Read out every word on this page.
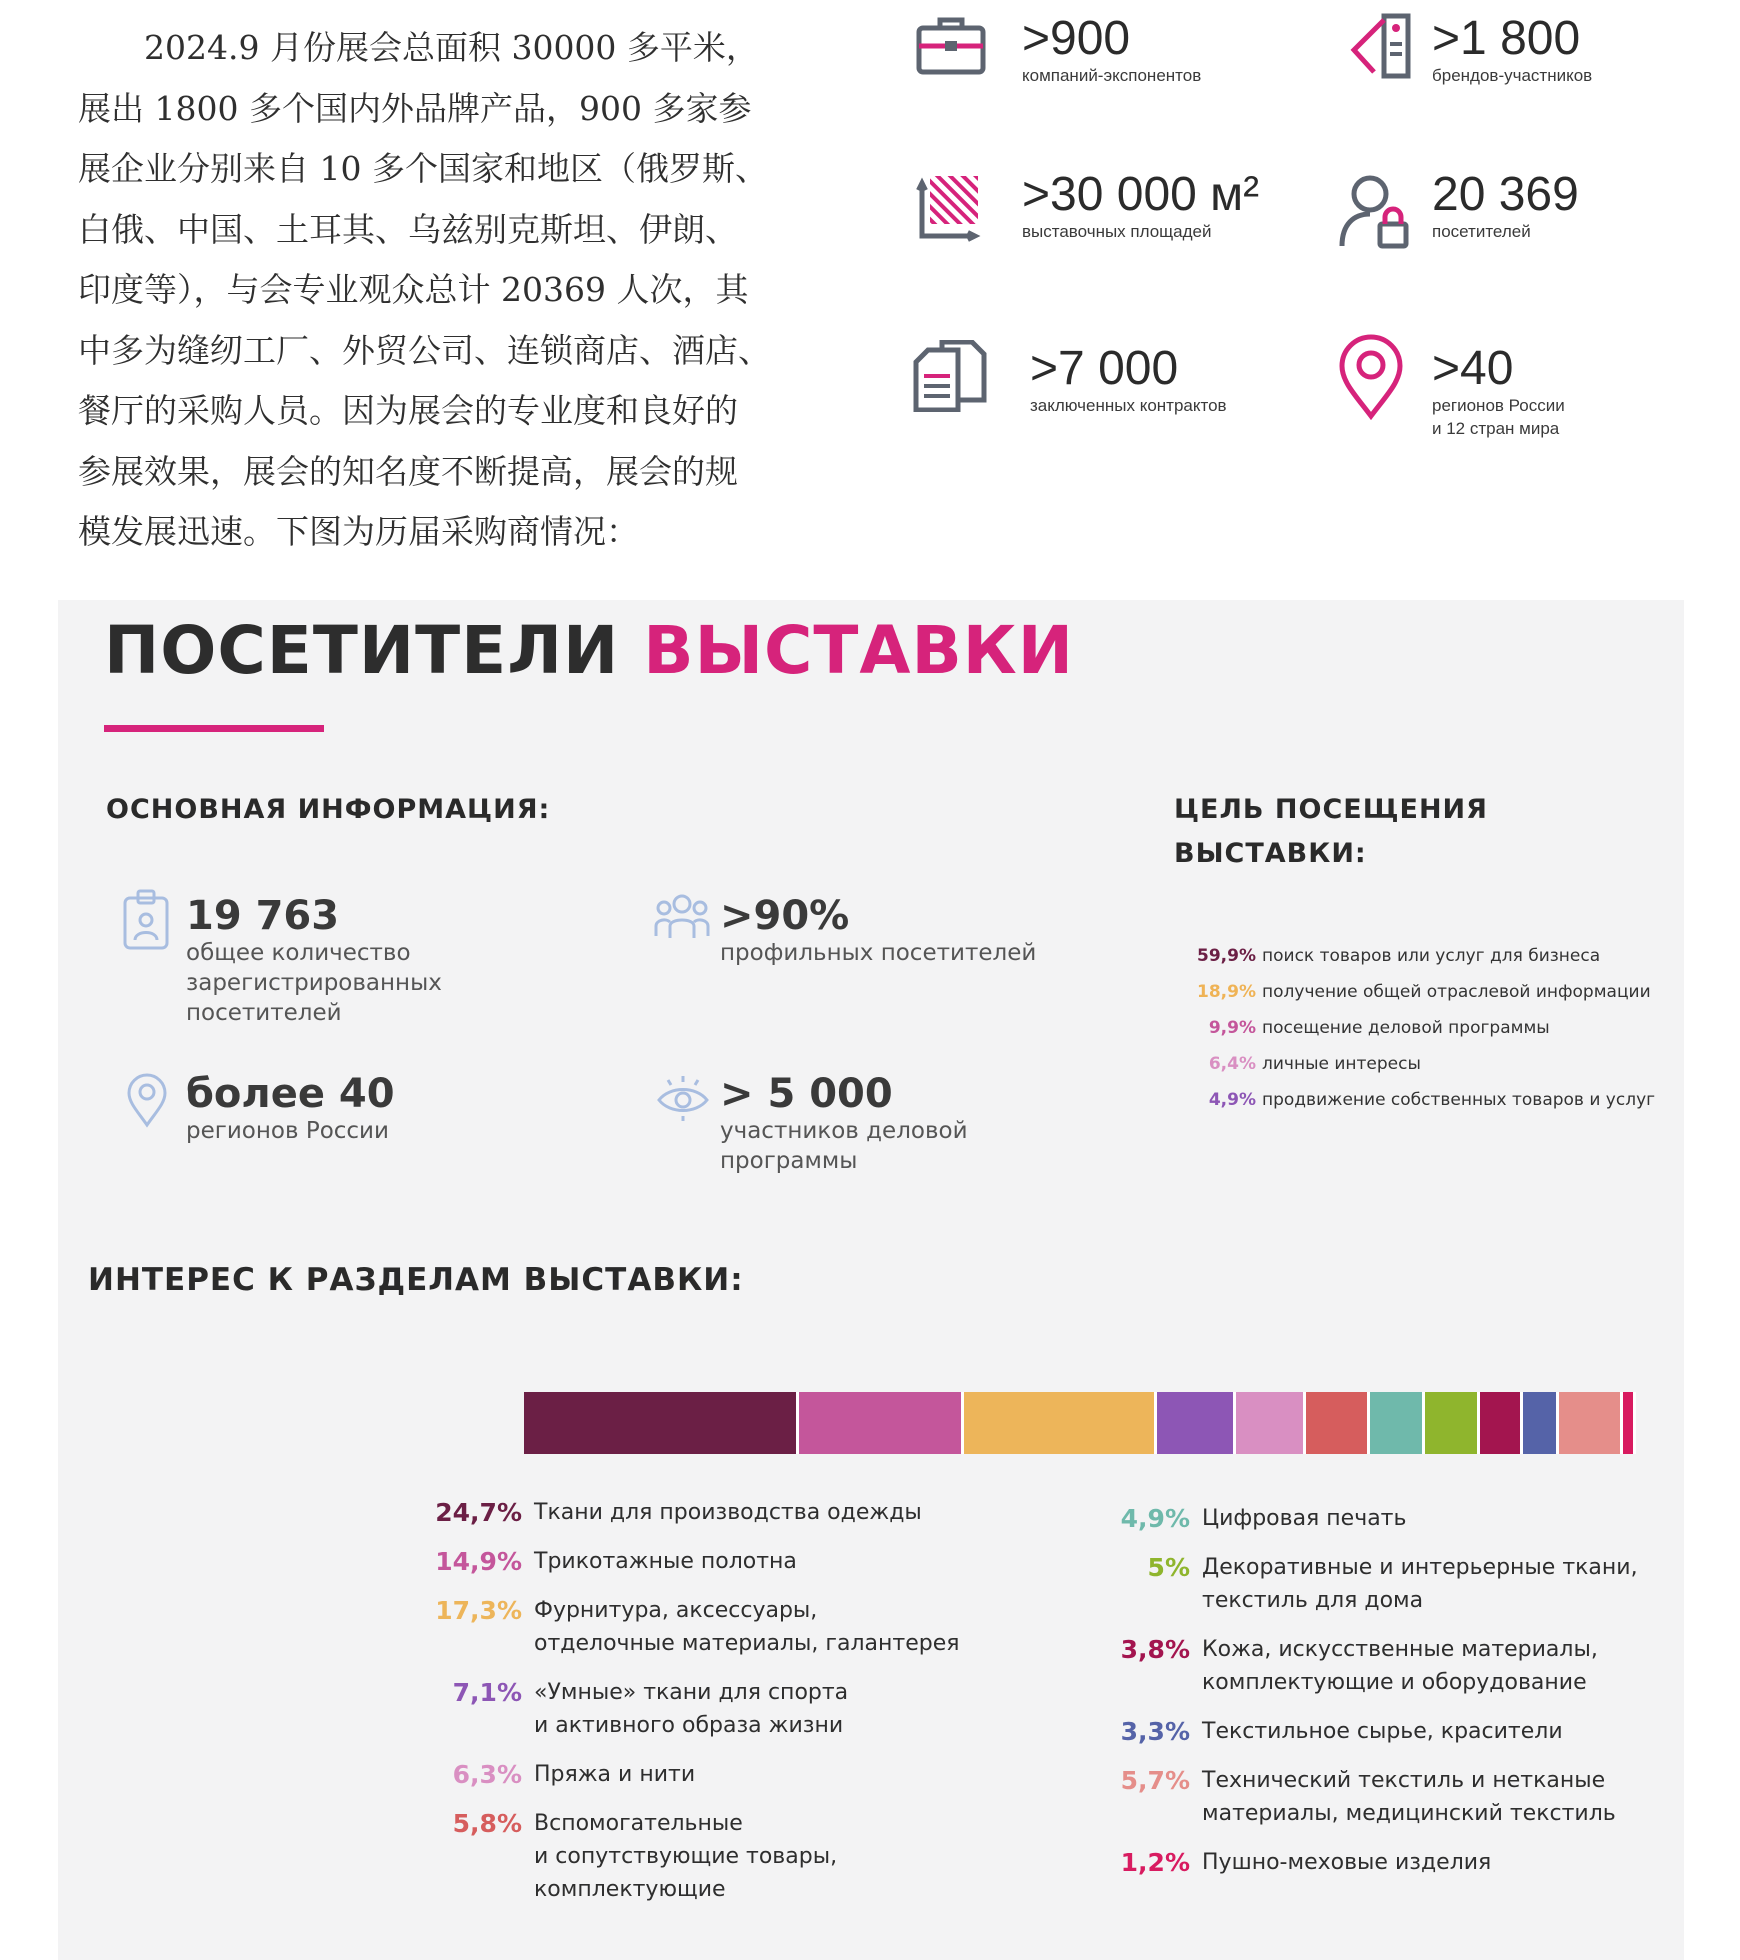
2024.9 月份展会总面积 30000 多平米，
展出 1800 多个国内外品牌产品，900 多家参
展企业分别来自 10 多个国家和地区（俄罗斯、
白俄、中国、土耳其、乌兹别克斯坦、伊朗、
印度等），与会专业观众总计 20369 人次，其
中多为缝纫工厂、外贸公司、连锁商店、酒店、
餐厅的采购人员。因为展会的专业度和良好的
参展效果，展会的知名度不断提高，展会的规
模发展迅速。下图为历届采购商情况：
>900
компаний-экспонентов
>1 800
брендов-участников
>30 000 м²
выставочных площадей
20 369
посетителей
>7 000
заключенных контрактов
>40
регионов России
и 12 стран мира
ПОСЕТИТЕЛИ ВЫСТАВКИ
ОСНОВНАЯ ИНФОРМАЦИЯ:
19 763
общее количество
зарегистрированных
посетителей
>90%
профильных посетителей
более 40
регионов России
> 5 000
участников деловой
программы
ЦЕЛЬ ПОСЕЩЕНИЯ
ВЫСТАВКИ:
59,9% поиск товаров или услуг для бизнеса
18,9% получение общей отраслевой информации
9,9% посещение деловой программы
6,4% личные интересы
4,9% продвижение собственных товаров и услуг
ИНТЕРЕС К РАЗДЕЛАМ ВЫСТАВКИ:
24,7% Ткани для производства одежды
14,9% Трикотажные полотна
17,3% Фурнитура, аксессуары,
отделочные материалы, галантерея
7,1% «Умные» ткани для спорта
и активного образа жизни
6,3% Пряжа и нити
5,8% Вспомогательные
и сопутствующие товары,
комплектующие
4,9% Цифровая печать
5% Декоративные и интерьерные ткани,
текстиль для дома
3,8% Кожа, искусственные материалы,
комплектующие и оборудование
3,3% Текстильное сырье, красители
5,7% Технический текстиль и нетканые
материалы, медицинский текстиль
1,2% Пушно-меховые изделия
